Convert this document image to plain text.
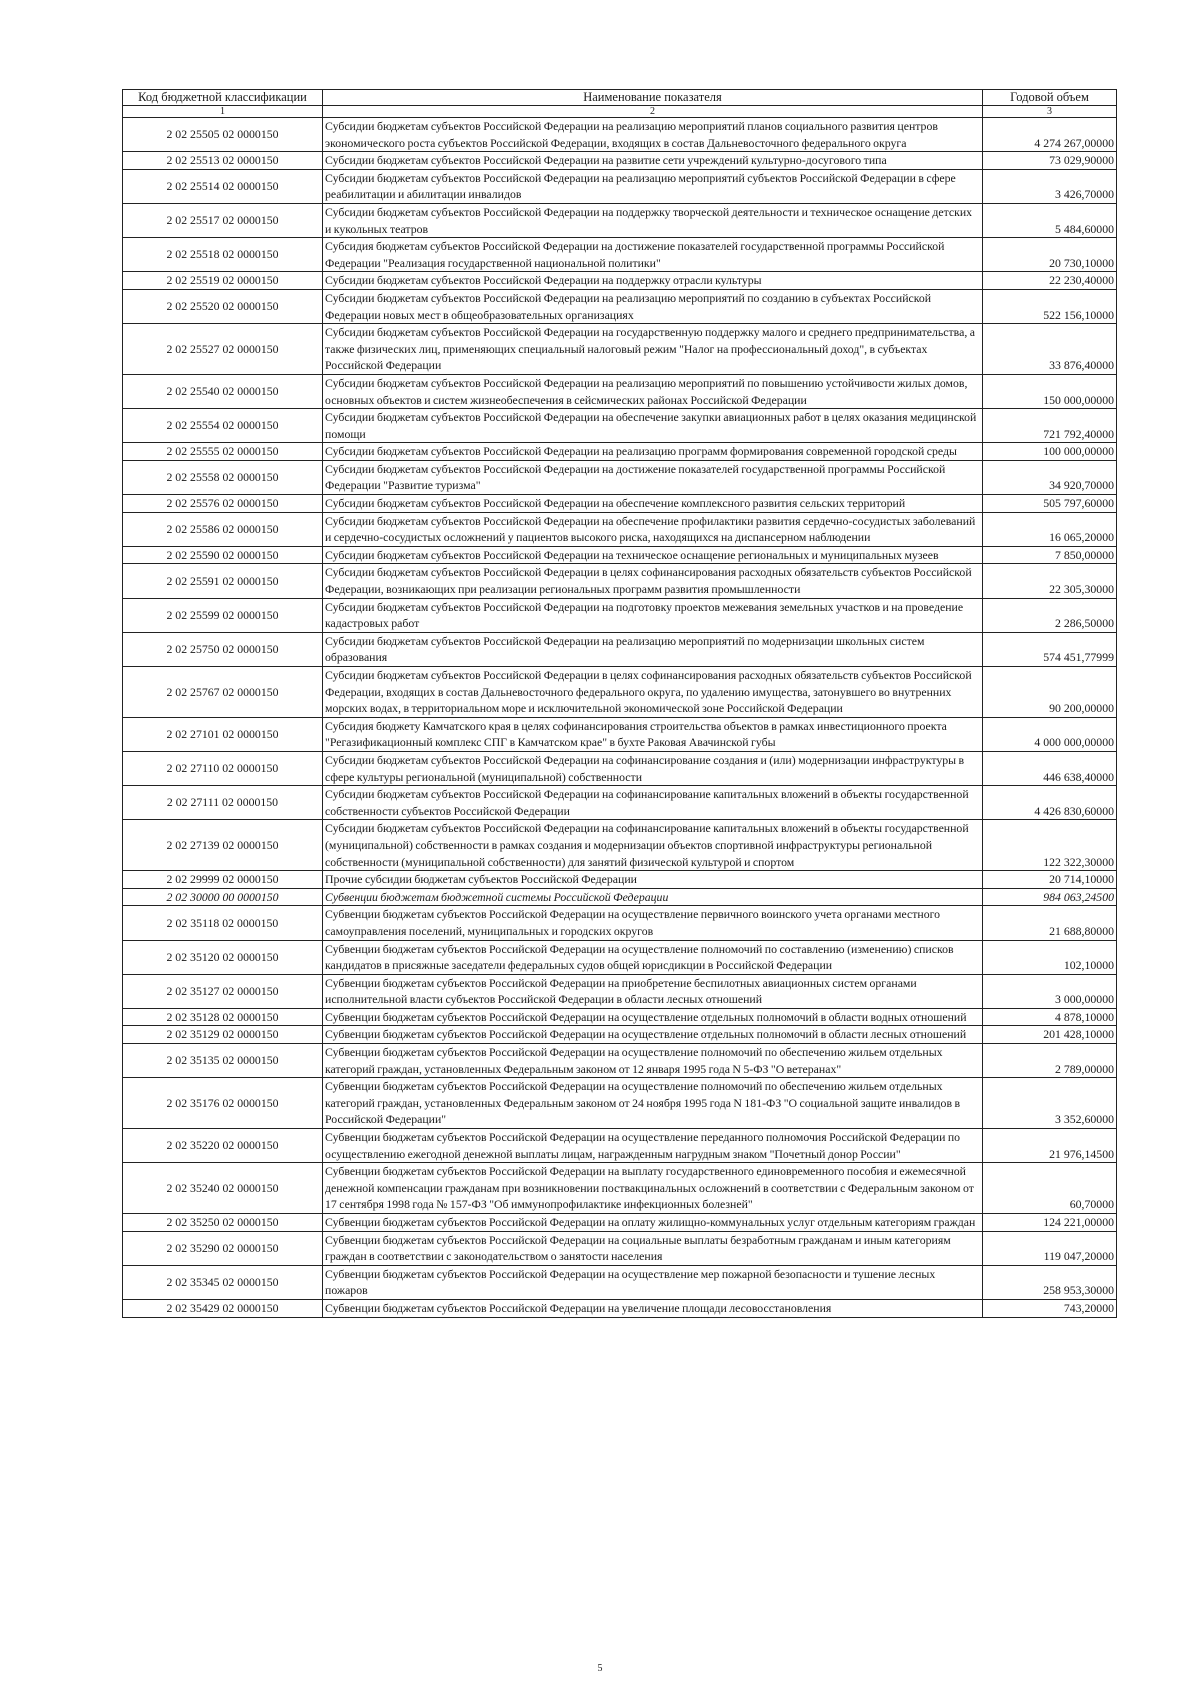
Код бюджетной классификации	Наименование показателя	Годовой объем
1	2	3
2 02 25505 02 0000150	Субсидии бюджетам субъектов Российской Федерации на реализацию мероприятий планов социального развития центров экономического роста субъектов Российской Федерации, входящих в состав Дальневосточного федерального округа	4 274 267,00000
2 02 25513 02 0000150	Субсидии бюджетам субъектов Российской Федерации на развитие сети учреждений культурно-досугового типа	73 029,90000
2 02 25514 02 0000150	Субсидии бюджетам субъектов Российской Федерации на реализацию мероприятий субъектов Российской Федерации в сфере реабилитации и абилитации инвалидов	3 426,70000
2 02 25517 02 0000150	Субсидии бюджетам субъектов Российской Федерации на поддержку творческой деятельности и техническое оснащение детских и кукольных театров	5 484,60000
2 02 25518 02 0000150	Субсидия бюджетам субъектов Российской Федерации на достижение показателей государственной программы Российской Федерации "Реализация государственной национальной политики"	20 730,10000
2 02 25519 02 0000150	Субсидии бюджетам субъектов Российской Федерации на поддержку отрасли культуры	22 230,40000
2 02 25520 02 0000150	Субсидии бюджетам субъектов Российской Федерации на реализацию мероприятий по созданию в субъектах Российской Федерации новых мест в общеобразовательных организациях	522 156,10000
2 02 25527 02 0000150	Субсидии бюджетам субъектов Российской Федерации на государственную поддержку малого и среднего предпринимательства, а также физических лиц, применяющих специальный налоговый режим "Налог на профессиональный доход", в субъектах Российской Федерации	33 876,40000
2 02 25540 02 0000150	Субсидии бюджетам субъектов Российской Федерации на реализацию мероприятий по повышению устойчивости жилых домов, основных объектов и систем жизнеобеспечения в сейсмических районах Российской Федерации	150 000,00000
2 02 25554 02 0000150	Субсидии бюджетам субъектов Российской Федерации на обеспечение закупки авиационных работ в целях оказания медицинской помощи	721 792,40000
2 02 25555 02 0000150	Субсидии бюджетам субъектов Российской Федерации на реализацию программ формирования современной городской среды	100 000,00000
2 02 25558 02 0000150	Субсидии бюджетам субъектов Российской Федерации на достижение показателей государственной программы Российской Федерации "Развитие туризма"	34 920,70000
2 02 25576 02 0000150	Субсидии бюджетам субъектов Российской Федерации на обеспечение комплексного развития сельских территорий	505 797,60000
2 02 25586 02 0000150	Субсидии бюджетам субъектов Российской Федерации на обеспечение профилактики развития сердечно-сосудистых заболеваний и сердечно-сосудистых осложнений у пациентов высокого риска, находящихся на диспансерном наблюдении	16 065,20000
2 02 25590 02 0000150	Субсидии бюджетам субъектов Российской Федерации на техническое оснащение региональных и муниципальных музеев	7 850,00000
2 02 25591 02 0000150	Субсидии бюджетам субъектов Российской Федерации в целях софинансирования расходных обязательств субъектов Российской Федерации, возникающих при реализации региональных программ развития промышленности	22 305,30000
2 02 25599 02 0000150	Субсидии бюджетам субъектов Российской Федерации на подготовку проектов межевания земельных участков и на проведение кадастровых работ	2 286,50000
2 02 25750 02 0000150	Субсидии бюджетам субъектов Российской Федерации на реализацию мероприятий по модернизации школьных систем образования	574 451,77999
2 02 25767 02 0000150	Субсидии бюджетам субъектов Российской Федерации в целях софинансирования расходных обязательств субъектов Российской Федерации, входящих в состав Дальневосточного федерального округа, по удалению имущества, затонувшего во внутренних морских водах, в территориальном море и исключительной экономической зоне Российской Федерации	90 200,00000
2 02 27101 02 0000150	Субсидия бюджету Камчатского края в целях софинансирования строительства объектов в рамках инвестиционного проекта "Регазификационный комплекс СПГ в Камчатском крае" в бухте Раковая Авачинской губы	4 000 000,00000
2 02 27110 02 0000150	Субсидии бюджетам субъектов Российской Федерации на софинансирование создания и (или) модернизации инфраструктуры в сфере культуры региональной (муниципальной) собственности	446 638,40000
2 02 27111 02 0000150	Субсидии бюджетам субъектов Российской Федерации на софинансирование капитальных вложений в объекты государственной собственности субъектов Российской Федерации	4 426 830,60000
2 02 27139 02 0000150	Субсидии бюджетам субъектов Российской Федерации на софинансирование капитальных вложений в объекты государственной (муниципальной) собственности в рамках создания и модернизации объектов спортивной инфраструктуры региональной собственности (муниципальной собственности) для занятий физической культурой и спортом	122 322,30000
2 02 29999 02 0000150	Прочие субсидии бюджетам субъектов Российской Федерации	20 714,10000
2 02 30000 00 0000150	Субвенции бюджетам бюджетной системы Российской Федерации	984 063,24500
2 02 35118 02 0000150	Субвенции бюджетам субъектов Российской Федерации на осуществление первичного воинского учета органами местного самоуправления поселений, муниципальных и городских округов	21 688,80000
2 02 35120 02 0000150	Субвенции бюджетам субъектов Российской Федерации на осуществление полномочий по составлению (изменению) списков кандидатов в присяжные заседатели федеральных судов общей юрисдикции в Российской Федерации	102,10000
2 02 35127 02 0000150	Субвенции бюджетам субъектов Российской Федерации на приобретение беспилотных авиационных систем органами исполнительной власти субъектов Российской Федерации в области лесных отношений	3 000,00000
2 02 35128 02 0000150	Субвенции бюджетам субъектов Российской Федерации на осуществление отдельных полномочий в области водных отношений	4 878,10000
2 02 35129 02 0000150	Субвенции бюджетам субъектов Российской Федерации на осуществление отдельных полномочий в области лесных отношений	201 428,10000
2 02 35135 02 0000150	Субвенции бюджетам субъектов Российской Федерации на осуществление полномочий по обеспечению жильем отдельных категорий граждан, установленных Федеральным законом от 12 января 1995 года N 5-ФЗ "О ветеранах"	2 789,00000
2 02 35176 02 0000150	Субвенции бюджетам субъектов Российской Федерации на осуществление полномочий по обеспечению жильем отдельных категорий граждан, установленных Федеральным законом от 24 ноября 1995 года N 181-ФЗ "О социальной защите инвалидов в Российской Федерации"	3 352,60000
2 02 35220 02 0000150	Субвенции бюджетам субъектов Российской Федерации на осуществление переданного полномочия Российской Федерации по осуществлению ежегодной денежной выплаты лицам, награжденным нагрудным знаком "Почетный донор России"	21 976,14500
2 02 35240 02 0000150	Субвенции бюджетам субъектов Российской Федерации на выплату государственного единовременного пособия и ежемесячной денежной компенсации гражданам при возникновении поствакцинальных осложнений в соответствии с Федеральным законом от 17 сентября 1998 года № 157-ФЗ "Об иммунопрофилактике инфекционных болезней"	60,70000
2 02 35250 02 0000150	Субвенции бюджетам субъектов Российской Федерации на оплату жилищно-коммунальных услуг отдельным категориям граждан	124 221,00000
2 02 35290 02 0000150	Субвенции бюджетам субъектов Российской Федерации на социальные выплаты безработным гражданам и иным категориям граждан в соответствии с законодательством о занятости населения	119 047,20000
2 02 35345 02 0000150	Субвенции бюджетам субъектов Российской Федерации на осуществление мер пожарной безопасности и тушение лесных пожаров	258 953,30000
2 02 35429 02 0000150	Субвенции бюджетам субъектов Российской Федерации на увеличение площади лесовосстановления	743,20000
5
